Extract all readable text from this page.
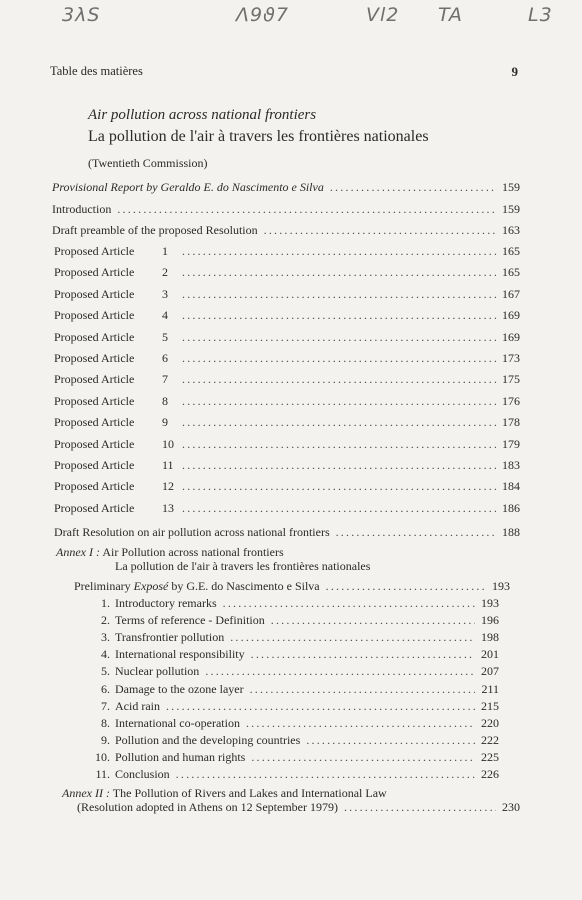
3λS	Λ9ϑ7	Vl2 TA	L3
Table des matières	9
Air pollution across national frontiers
La pollution de l'air à travers les frontières nationales
(Twentieth Commission)
Provisional Report by Geraldo E. do Nascimento e Silva .....	159
Introduction .....	159
Draft preamble of the proposed Resolution .....	163
Proposed Article 1 .....	165
Proposed Article 2 .....	165
Proposed Article 3 .....	167
Proposed Article 4 .....	169
Proposed Article 5 .....	169
Proposed Article 6 .....	173
Proposed Article 7 .....	175
Proposed Article 8 .....	176
Proposed Article 9 .....	178
Proposed Article 10 .....	179
Proposed Article 11 .....	183
Proposed Article 12 .....	184
Proposed Article 13 .....	186
Draft Resolution on air pollution across national frontiers .....	188
Annex I : Air Pollution across national frontiers
La pollution de l'air à travers les frontières nationales
Preliminary Exposé by G.E. do Nascimento e Silva .....	193
1. Introductory remarks .....	193
2. Terms of reference - Definition .....	196
3. Transfrontier pollution .....	198
4. International responsibility .....	201
5. Nuclear pollution .....	207
6. Damage to the ozone layer .....	211
7. Acid rain .....	215
8. International co-operation .....	220
9. Pollution and the developing countries .....	222
10. Pollution and human rights .....	225
11. Conclusion .....	226
Annex II : The Pollution of Rivers and Lakes and International Law
(Resolution adopted in Athens on 12 September 1979) .....	230
